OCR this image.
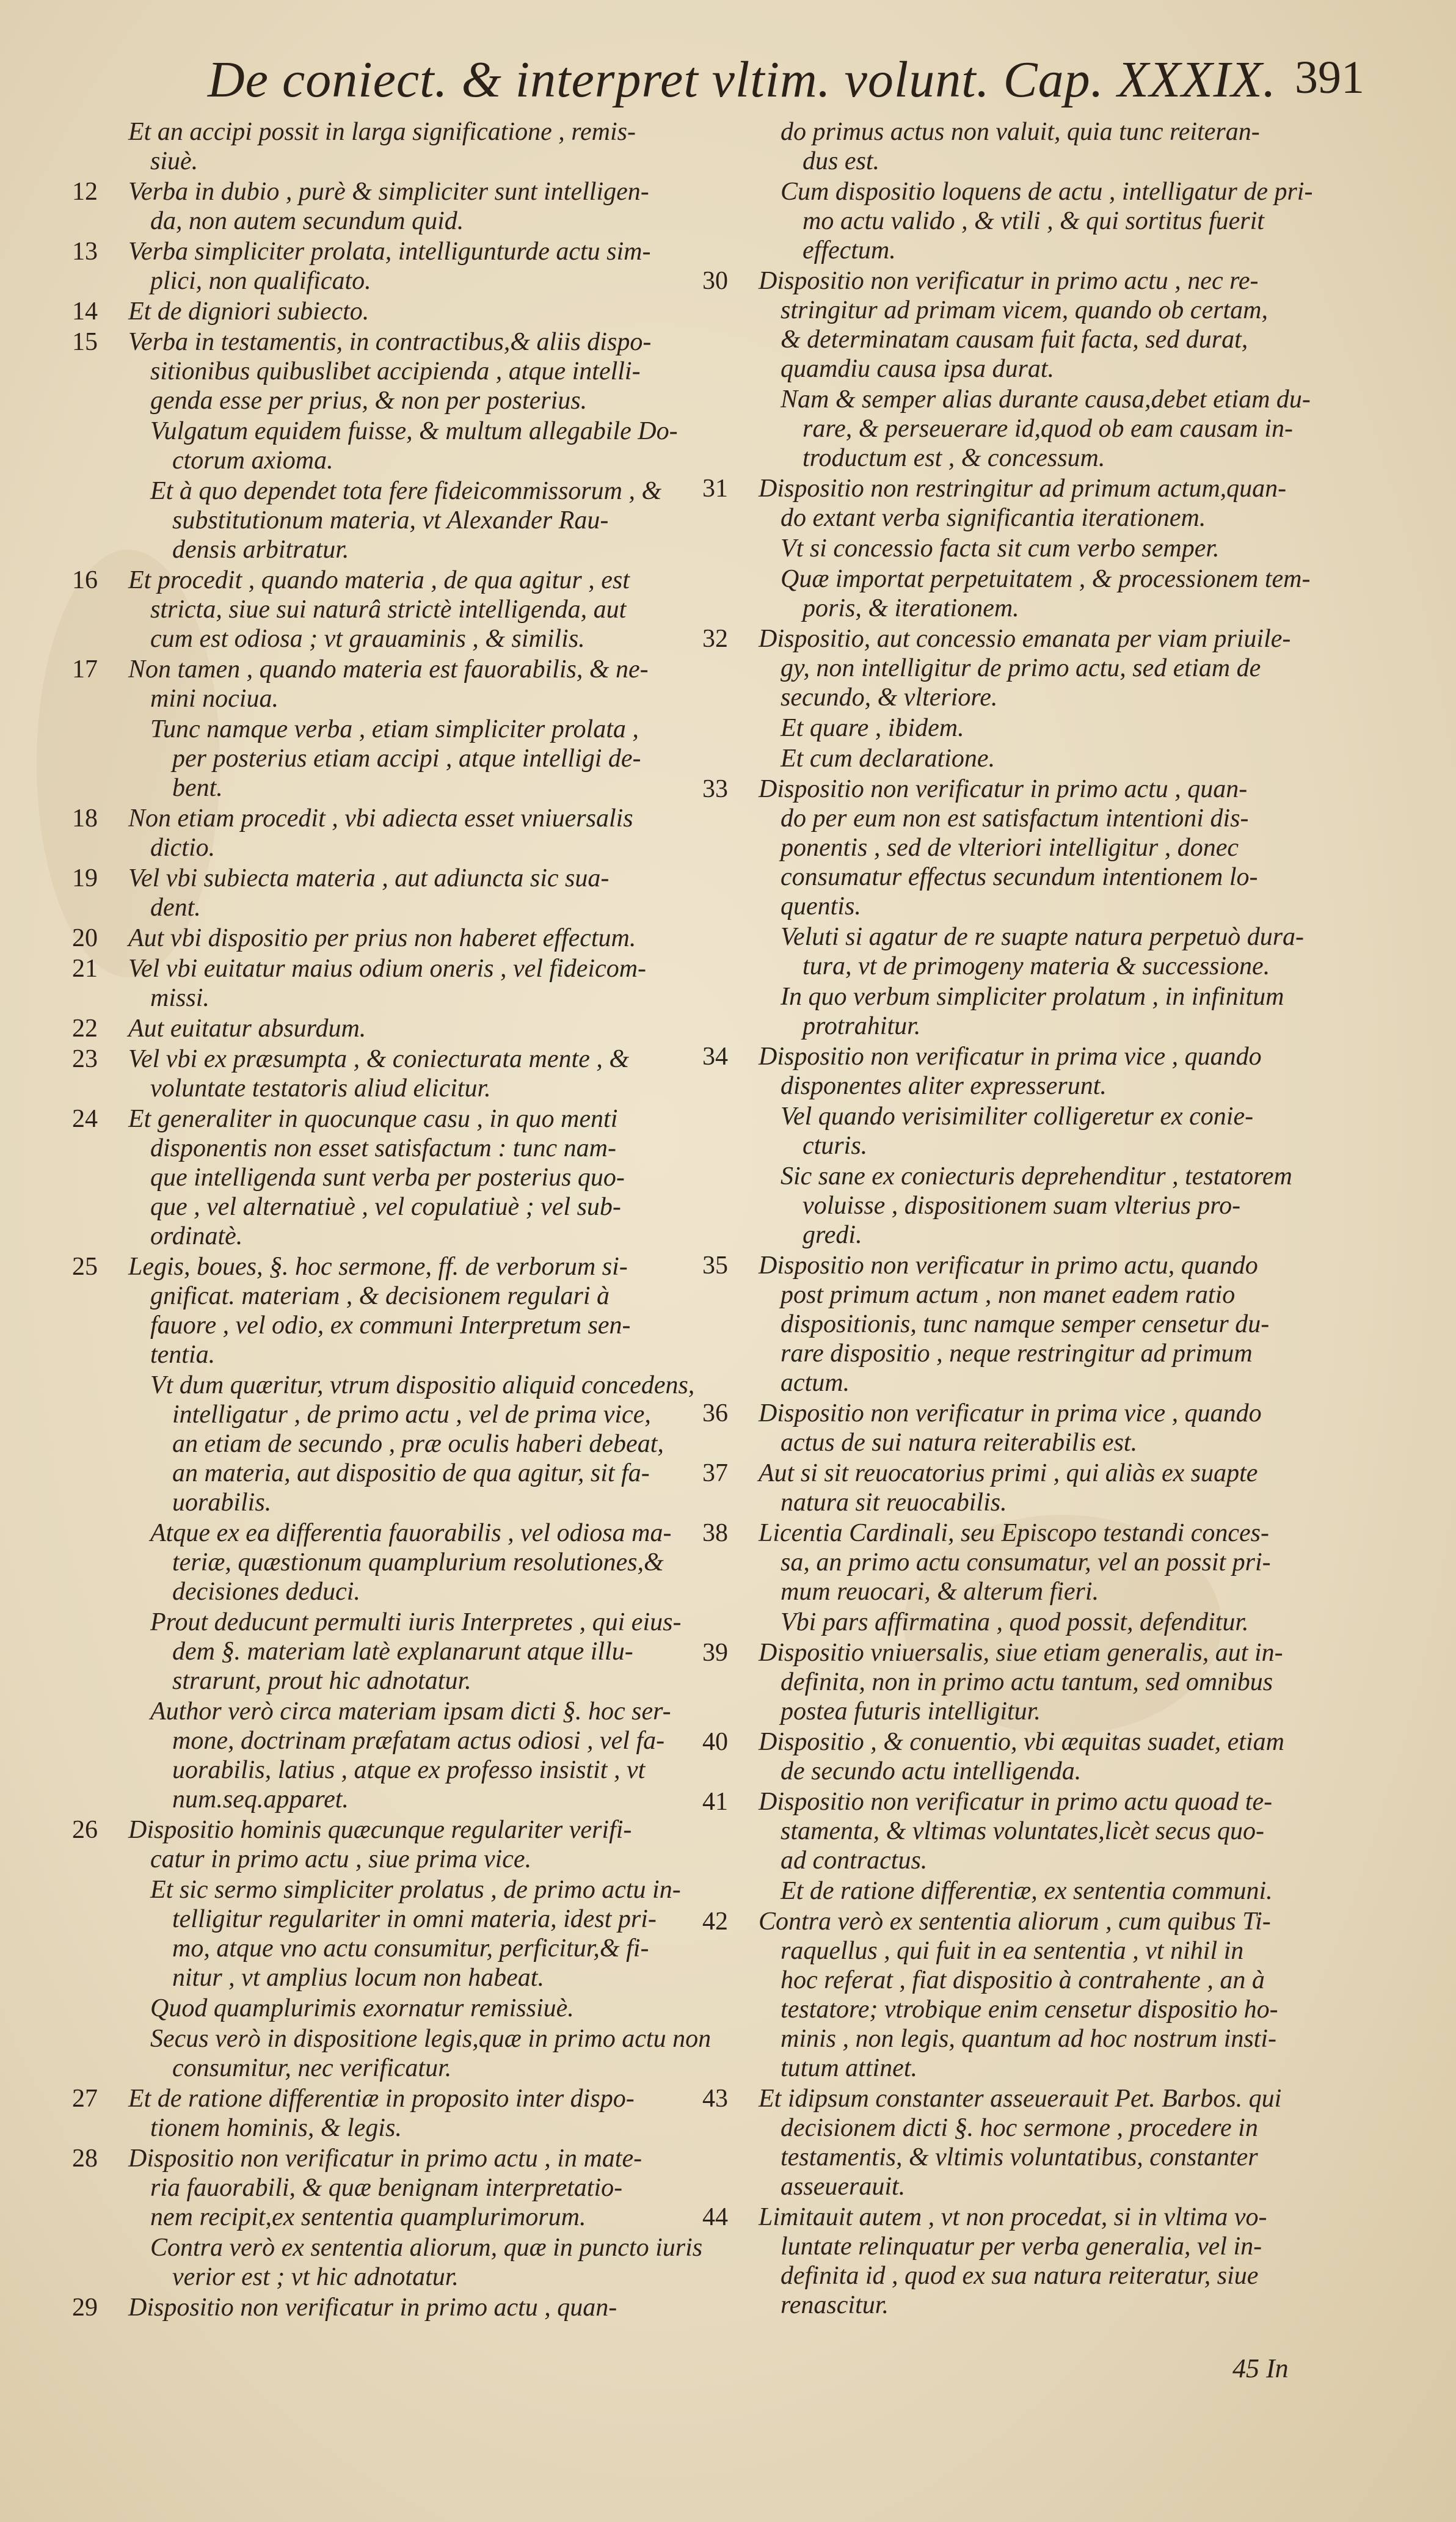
De coniect. & interpret vltim. volunt. Cap. XXXIX. 391
Et an accipi possit in larga significatione , remis-
siuè.
12	Verba in dubio , purè & simpliciter sunt intelligen-
da, non autem secundum quid.
13	Verba simpliciter prolata, intelligunturde actu sim-
plici, non qualificato.
14	Et de digniori subiecto.
15	Verba in testamentis, in contractibus,& aliis dispo-
sitionibus quibuslibet accipienda , atque intelli-
genda esse per prius, & non per posterius.
Vulgatum equidem fuisse, & multum allegabile Do-
ctorum axioma.
Et à quo dependet tota fere fideicommissorum , &
substitutionum materia, vt Alexander Rau-
densis arbitratur.
16	Et procedit , quando materia , de qua agitur , est
stricta, siue sui naturâ strictè intelligenda, aut
cum est odiosa ; vt grauaminis , & similis.
17	Non tamen , quando materia est fauorabilis, & ne-
mini nociua.
Tunc namque verba , etiam simpliciter prolata ,
per posterius etiam accipi , atque intelligi de-
bent.
18	Non etiam procedit , vbi adiecta esset vniuersalis
dictio.
19	Vel vbi subiecta materia , aut adiuncta sic sua-
dent.
20	Aut vbi dispositio per prius non haberet effectum.
21	Vel vbi euitatur maius odium oneris , vel fideicom-
missi.
22	Aut euitatur absurdum.
23	Vel vbi ex præsumpta , & coniecturata mente , &
voluntate testatoris aliud elicitur.
24	Et generaliter in quocunque casu , in quo menti
disponentis non esset satisfactum : tunc nam-
que intelligenda sunt verba per posterius quo-
que , vel alternatiuè , vel copulatiuè ; vel sub-
ordinatè.
25	Legis, boues, §. hoc sermone, ff. de verborum si-
gnificat. materiam , & decisionem regulari à
fauore , vel odio, ex communi Interpretum sen-
tentia.
Vt dum quæritur, vtrum dispositio aliquid concedens,
intelligatur , de primo actu , vel de prima vice,
an etiam de secundo , præ oculis haberi debeat,
an materia, aut dispositio de qua agitur, sit fa-
uorabilis.
Atque ex ea differentia fauorabilis , vel odiosa ma-
teriæ, quæstionum quamplurium resolutiones,&
decisiones deduci.
Prout deducunt permulti iuris Interpretes , qui eius-
dem §. materiam latè explanarunt atque illu-
strarunt, prout hic adnotatur.
Author verò circa materiam ipsam dicti §. hoc ser-
mone, doctrinam præfatam actus odiosi , vel fa-
uorabilis, latius , atque ex professo insistit , vt
num.seq.apparet.
26	Dispositio hominis quæcunque regulariter verifi-
catur in primo actu , siue prima vice.
Et sic sermo simpliciter prolatus , de primo actu in-
telligitur regulariter in omni materia, idest pri-
mo, atque vno actu consumitur, perficitur,& fi-
nitur , vt amplius locum non habeat.
Quod quamplurimis exornatur remissiuè.
Secus verò in dispositione legis,quæ in primo actu non
consumitur, nec verificatur.
27	Et de ratione differentiæ in proposito inter dispo-
tionem hominis, & legis.
28	Dispositio non verificatur in primo actu , in mate-
ria fauorabili, & quæ benignam interpretatio-
nem recipit,ex sententia quamplurimorum.
Contra verò ex sententia aliorum, quæ in puncto iuris
verior est ; vt hic adnotatur.
29	Dispositio non verificatur in primo actu , quan-
do primus actus non valuit, quia tunc reiteran-
dus est.
Cum dispositio loquens de actu , intelligatur de pri-
mo actu valido , & vtili , & qui sortitus fuerit
effectum.
30	Dispositio non verificatur in primo actu , nec re-
stringitur ad primam vicem, quando ob certam,
& determinatam causam fuit facta, sed durat,
quamdiu causa ipsa durat.
Nam & semper alias durante causa,debet etiam du-
rare, & perseuerare id,quod ob eam causam in-
troductum est , & concessum.
31	Dispositio non restringitur ad primum actum,quan-
do extant verba significantia iterationem.
Vt si concessio facta sit cum verbo semper.
Quæ importat perpetuitatem , & processionem tem-
poris, & iterationem.
32	Dispositio, aut concessio emanata per viam priuile-
gy, non intelligitur de primo actu, sed etiam de
secundo, & vlteriore.
Et quare , ibidem.
Et cum declaratione.
33	Dispositio non verificatur in primo actu , quan-
do per eum non est satisfactum intentioni dis-
ponentis , sed de vlteriori intelligitur , donec
consumatur effectus secundum intentionem lo-
quentis.
Veluti si agatur de re suapte natura perpetuò dura-
tura, vt de primogeny materia & successione.
In quo verbum simpliciter prolatum , in infinitum
protrahitur.
34	Dispositio non verificatur in prima vice , quando
disponentes aliter expresserunt.
Vel quando verisimiliter colligeretur ex conie-
cturis.
Sic sane ex coniecturis deprehenditur , testatorem
voluisse , dispositionem suam vlterius pro-
gredi.
35	Dispositio non verificatur in primo actu, quando
post primum actum , non manet eadem ratio
dispositionis, tunc namque semper censetur du-
rare dispositio , neque restringitur ad primum
actum.
36	Dispositio non verificatur in prima vice , quando
actus de sui natura reiterabilis est.
37	Aut si sit reuocatorius primi , qui aliàs ex suapte
natura sit reuocabilis.
38	Licentia Cardinali, seu Episcopo testandi conces-
sa, an primo actu consumatur, vel an possit pri-
mum reuocari, & alterum fieri.
Vbi pars affirmatina , quod possit, defenditur.
39	Dispositio vniuersalis, siue etiam generalis, aut in-
definita, non in primo actu tantum, sed omnibus
postea futuris intelligitur.
40	Dispositio , & conuentio, vbi æquitas suadet, etiam
de secundo actu intelligenda.
41	Dispositio non verificatur in primo actu quoad te-
stamenta, & vltimas voluntates,licèt secus quo-
ad contractus.
Et de ratione differentiæ, ex sententia communi.
42	Contra verò ex sententia aliorum , cum quibus Ti-
raquellus , qui fuit in ea sententia , vt nihil in
hoc referat , fiat dispositio à contrahente , an à
testatore; vtrobique enim censetur dispositio ho-
minis , non legis, quantum ad hoc nostrum insti-
tutum attinet.
43	Et idipsum constanter asseuerauit Pet. Barbos. qui
decisionem dicti §. hoc sermone , procedere in
testamentis, & vltimis voluntatibus, constanter
asseuerauit.
44	Limitauit autem , vt non procedat, si in vltima vo-
luntate relinquatur per verba generalia, vel in-
definita id , quod ex sua natura reiteratur, siue
renascitur.
45 In
